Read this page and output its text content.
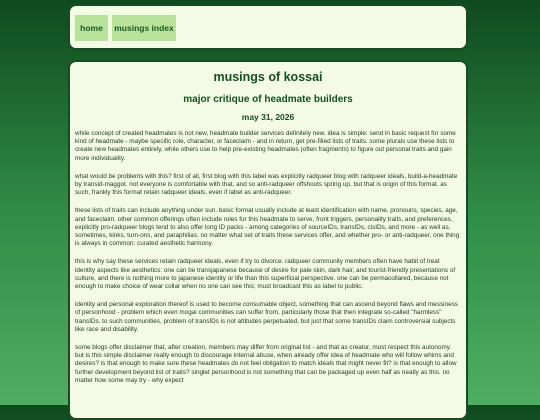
home	musings index
musings of kossai
major critique of headmate builders
may 31, 2026

while concept of created headmates is not new, headmate builder services definitely new. idea is simple: send in basic request for some kind of headmate - maybe specific role, character, or faceclaim - and in return, get pre-filled lists of traits. some plurals use these lists to create new headmates entirely, while others use to help pre-existing headmates (often fragments) to figure out personal traits and gain more individuality.

what would be problems with this? first of all, first blog with this label was explicitly radqueer blog with radqueer ideals, build-a-headmate by transid-maggot. not everyone is comfortable with that, and so anti-radqueer offshoots spring up, but that is origin of this format. as such, frankly this format retain radqueer ideals, even if label as anti-radqueer.

these lists of traits can include anything under sun. basic format usually include at least identification with name, pronouns, species, age, and faceclaim. other common offerings often include roles for this headmate to serve, front triggers, personality traits, and preferences. explicitly pro-radqueer blogs tend to also offer long ID packs - among categories of sourceIDs, transIDs, cisIDs, and more - as well as, sometimes, kinks, turn-ons, and paraphilias. no matter what set of traits these services offer, and whether pro- or anti-radqueer, one thing is always in common: curated aesthetic harmony.

this is why say these services retain radqueer ideals, even if try to divorce. radqueer community members often have habit of treat identity aspects like aesthetics: one can be transjapanese because of desire for pale skin, dark hair, and tourist-friendly presentations of culture, and there is nothing more to japanese identity or life than this superficial perspective. one can be permacollared, because not enough to make choice of wear collar when no one can see this; must broadcast this as label to public.

identity and personal exploration thereof is used to become consumable object, something that can ascend beyond flaws and messiness of personhood - problem which even mogai communities can suffer from, particularly those that then integrate so-called "harmless" transIDs. to such communities, problem of transIDs is not attitudes perpetuated, but just that some transIDs claim controversial subjects like race and disability.

some blogs offer disclaimer that, after creation, members may differ from original list - and that as creator, must respect this autonomy. but is this simple disclaimer really enough to discourage internal abuse, when already offer idea of headmate who will follow whims and desires? is that enough to make sure these headmates do not feel obligation to match ideals that might never fit? is that enough to allow further development beyond list of traits? singlet personhood is not something that can be packaged up even half as neatly as this. no matter how some may try - why expect
